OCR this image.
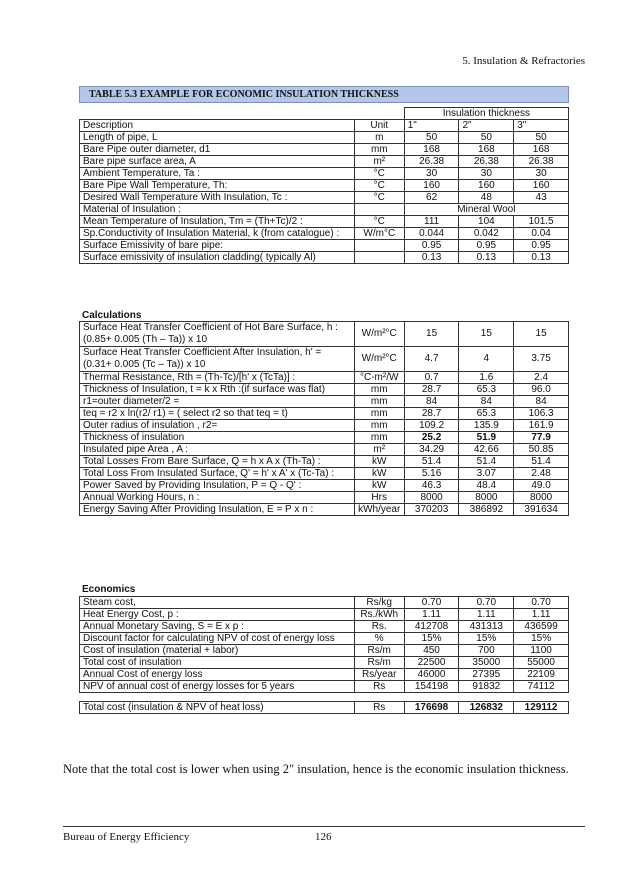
5. Insulation & Refractories
TABLE 5.3 EXAMPLE FOR ECONOMIC INSULATION THICKNESS
		Insulation thickness		
Description	Unit	1"	2"	3"
Length of pipe, L	m	50	50	50
Bare Pipe outer diameter, d1	mm	168	168	168
Bare pipe surface area, A	m²	26.38	26.38	26.38
Ambient Temperature, Ta :	°C	30	30	30
Bare Pipe Wall Temperature, Th:	°C	160	160	160
Desired Wall Temperature With Insulation, Tc :	°C	62	48	43
Material of Insulation :		Mineral Wool		
Mean Temperature of Insulation, Tm = (Th+Tc)/2 :	°C	111	104	101.5
Sp.Conductivity of Insulation Material, k (from catalogue) :	W/m°C	0.044	0.042	0.04
Surface Emissivity of bare pipe:		0.95	0.95	0.95
Surface emissivity of insulation cladding( typically Al)		0.13	0.13	0.13
Calculations
Surface Heat Transfer Coefficient of Hot Bare Surface, h :(0.85+ 0.005 (Th – Ta)) x 10	W/m²°C	15	15	15
Surface Heat Transfer Coefficient After Insulation, h' = (0.31+ 0.005 (Tc – Ta)) x 10	W/m²°C	4.7	4	3.75
Thermal Resistance, Rth = (Th-Tc)/[h' x (TcTa)] :	°C-m²/W	0.7	1.6	2.4
Thickness of Insulation, t = k x Rth :(if surface was flat)	mm	28.7	65.3	96.0
r1=outer diameter/2 =	mm	84	84	84
teq = r2 x ln(r2/ r1) = ( select r2 so that teq = t)	mm	28.7	65.3	106.3
Outer radius of insulation , r2=	mm	109.2	135.9	161.9
Thickness of insulation	mm	25.2	51.9	77.9
Insulated pipe Area , A :	m²	34.29	42.66	50.85
Total Losses From Bare Surface, Q = h x A x (Th-Ta) :	kW	51.4	51.4	51.4
Total Loss From Insulated Surface, Q' = h' x A' x (Tc-Ta) :	kW	5.16	3.07	2.48
Power Saved by Providing Insulation, P = Q - Q' :	kW	46.3	48.4	49.0
Annual Working Hours, n :	Hrs	8000	8000	8000
Energy Saving After Providing Insulation, E = P x n :	kWh/year	370203	386892	391634
Economics
Steam cost,	Rs/kg	0.70	0.70	0.70
Heat Energy Cost, p :	Rs./kWh	1.11	1.11	1.11
Annual Monetary Saving, S = E x p :	Rs.	412708	431313	436599
Discount factor for calculating NPV of cost of energy loss	%	15%	15%	15%
Cost of insulation (material + labor)	Rs/m	450	700	1100
Total cost of insulation	Rs/m	22500	35000	55000
Annual Cost of energy loss	Rs/year	46000	27395	22109
NPV of annual cost of energy losses for 5 years	Rs	154198	91832	74112

Total cost (insulation & NPV of heat loss)	Rs	176698	126832	129112
Note that the total cost is lower when using 2" insulation, hence is the economic insulation thickness.
Bureau of Energy Efficiency	126
